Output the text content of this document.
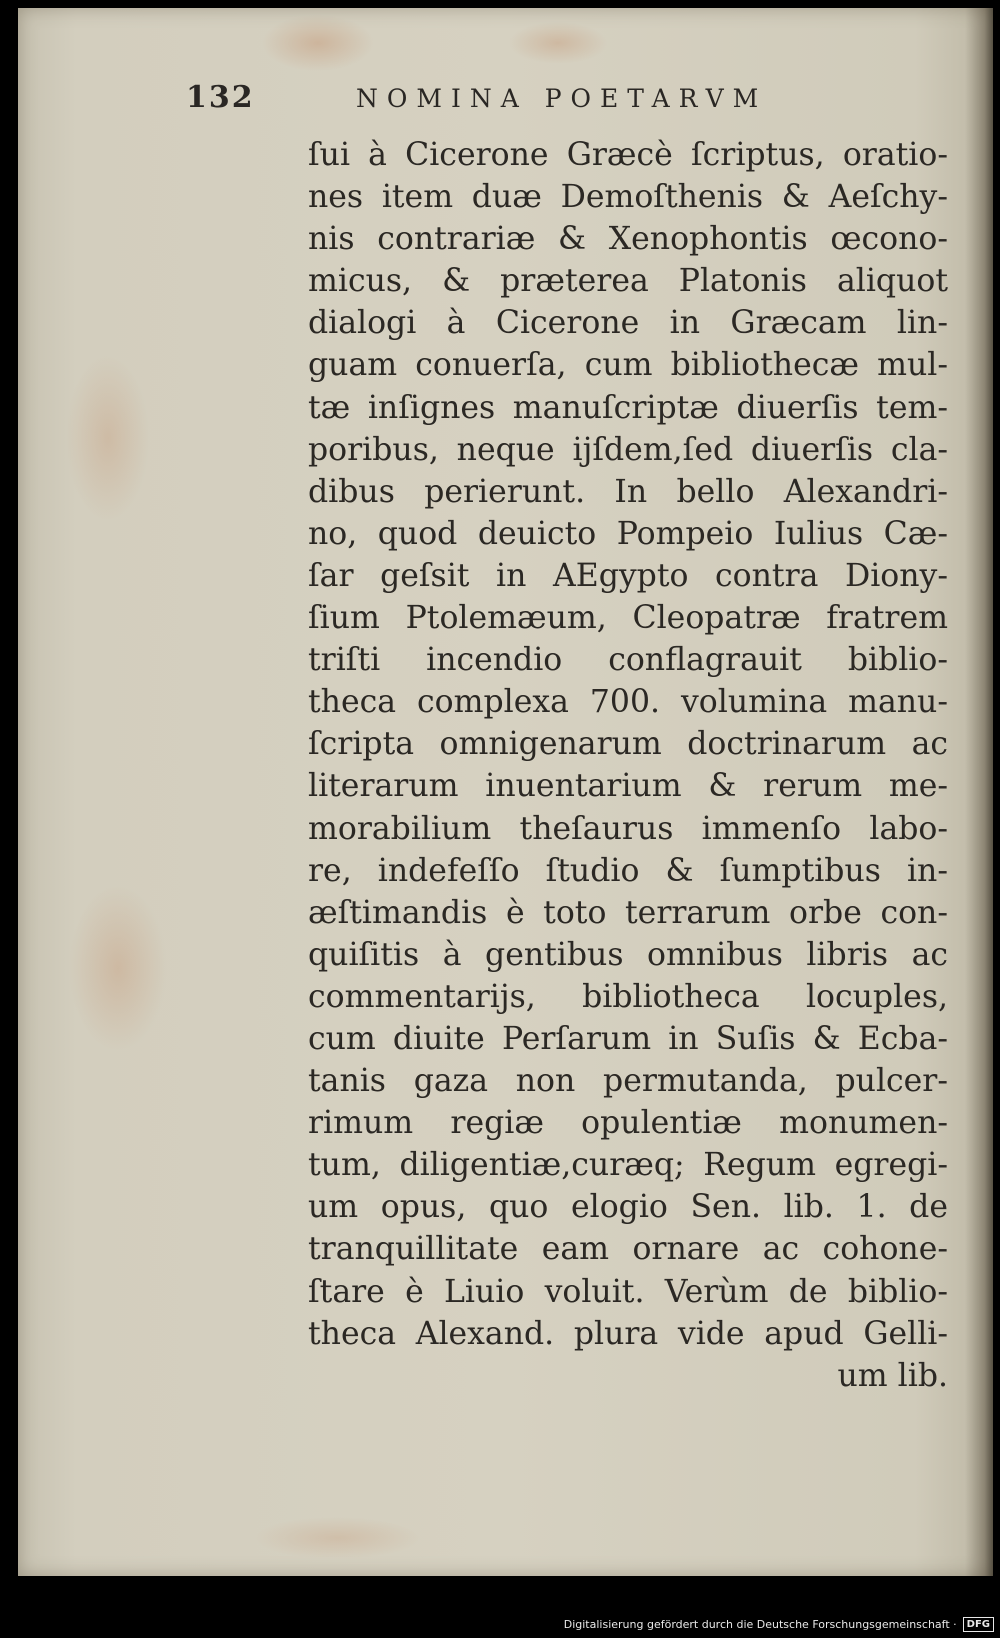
132	NOMINA POETARVM
ſui à Cicerone Græcè ſcriptus, oratio-
nes item duæ Demoſthenis & Aeſchy-
nis contrariæ & Xenophontis œcono-
micus, & præterea Platonis aliquot
dialogi à Cicerone in Græcam lin-
guam conuerſa, cum bibliothecæ mul-
tæ inſignes manuſcriptæ diuerſis tem-
poribus, neque ijſdem,ſed diuerſis cla-
dibus perierunt. In bello Alexandri-
no, quod deuicto Pompeio Iulius Cæ-
ſar geſsit in AEgypto contra Diony-
ſium Ptolemæum, Cleopatræ fratrem
triſti incendio conflagrauit biblio-
theca complexa 700. volumina manu-
ſcripta omnigenarum doctrinarum ac
literarum inuentarium & rerum me-
morabilium theſaurus immenſo labo-
re, indefeſſo ſtudio & ſumptibus in-
æſtimandis è toto terrarum orbe con-
quiſitis à gentibus omnibus libris ac
commentarijs, bibliotheca locuples,
cum diuite Perſarum in Suſis & Ecba-
tanis gaza non permutanda, pulcer-
rimum regiæ opulentiæ monumen-
tum, diligentiæ,curæq; Regum egregi-
um opus, quo elogio Sen. lib. 1. de
tranquillitate eam ornare ac cohone-
ſtare è Liuio voluit. Verùm de biblio-
theca Alexand. plura vide apud Gelli-
um lib.
Digitalisierung gefördert durch die Deutsche Forschungsgemeinschaft ·	DFG
